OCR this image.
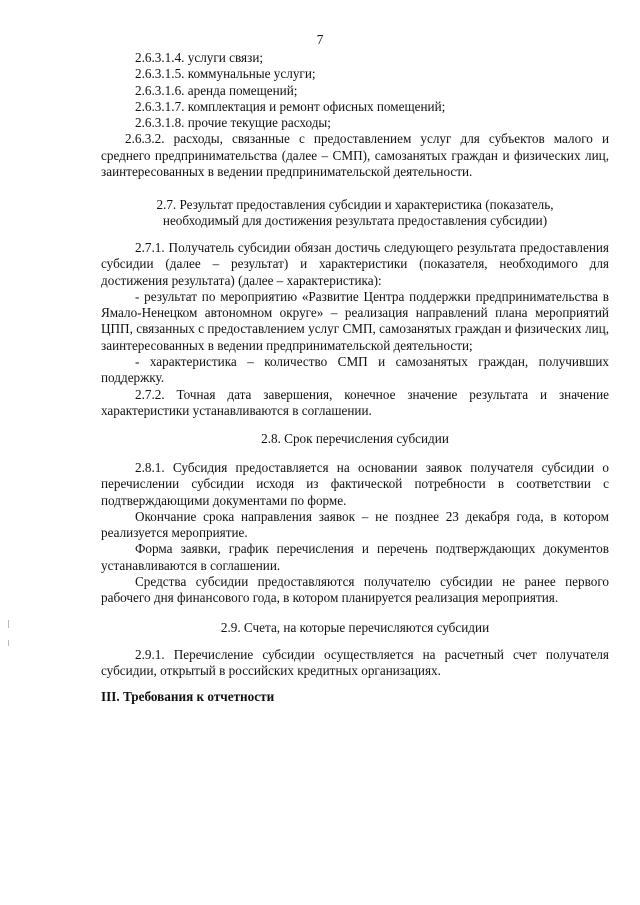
7

2.6.3.1.4. услуги связи;

2.6.3.1.5. коммунальные услуги;

2.6.3.1.6. аренда помещений;

2.6.3.1.7. комплектация и ремонт офисных помещений;

2.6.3.1.8. прочие текущие расходы;

2.6.3.2. расходы, связанные с предоставлением услуг для субъектов малого и среднего предпринимательства (далее – СМП), самозанятых граждан и физических лиц, заинтересованных в ведении предпринимательской деятельности.

2.7. Результат предоставления субсидии и характеристика (показатель, необходимый для достижения результата предоставления субсидии)

2.7.1. Получатель субсидии обязан достичь следующего результата предоставления субсидии (далее – результат) и характеристики (показателя, необходимого для достижения результата) (далее – характеристика):

- результат по мероприятию «Развитие Центра поддержки предпринимательства в Ямало-Ненецком автономном округе» – реализация направлений плана мероприятий ЦПП, связанных с предоставлением услуг СМП, самозанятых граждан и физических лиц, заинтересованных в ведении предпринимательской деятельности;

- характеристика – количество СМП и самозанятых граждан, получивших поддержку.

2.7.2. Точная дата завершения, конечное значение результата и значение характеристики устанавливаются в соглашении.

2.8. Срок перечисления субсидии

2.8.1. Субсидия предоставляется на основании заявок получателя субсидии о перечислении субсидии исходя из фактической потребности в соответствии с подтверждающими документами по форме.

Окончание срока направления заявок – не позднее 23 декабря года, в котором реализуется мероприятие.

Форма заявки, график перечисления и перечень подтверждающих документов устанавливаются в соглашении.

Средства субсидии предоставляются получателю субсидии не ранее первого рабочего дня финансового года, в котором планируется реализация мероприятия.

2.9. Счета, на которые перечисляются субсидии

2.9.1. Перечисление субсидии осуществляется на расчетный счет получателя субсидии, открытый в российских кредитных организациях.

III. Требования к отчетности
